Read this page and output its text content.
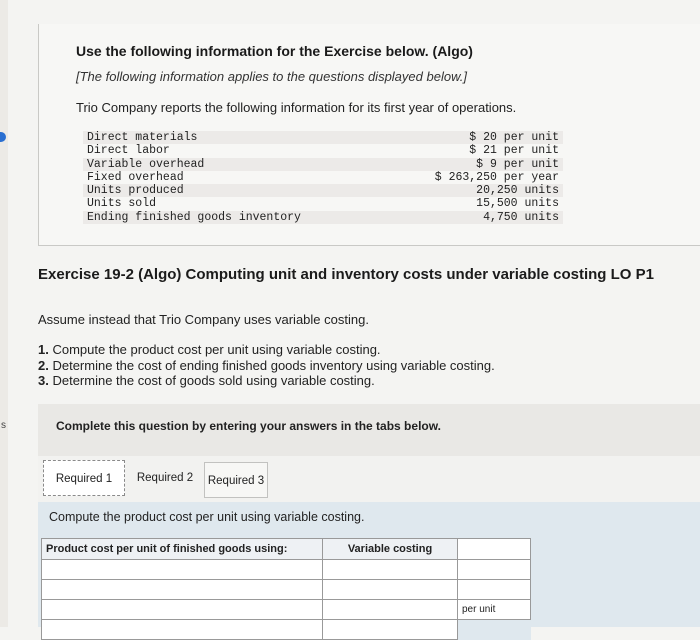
s
Use the following information for the Exercise below. (Algo)
[The following information applies to the questions displayed below.]
Trio Company reports the following information for its first year of operations.
Direct materials	$ 20 per unit
Direct labor	$ 21 per unit
Variable overhead	$ 9 per unit
Fixed overhead	$ 263,250 per year
Units produced	20,250 units
Units sold	15,500 units
Ending finished goods inventory	4,750 units
Exercise 19-2 (Algo) Computing unit and inventory costs under variable costing LO P1
Assume instead that Trio Company uses variable costing.
1. Compute the product cost per unit using variable costing.
2. Determine the cost of ending finished goods inventory using variable costing.
3. Determine the cost of goods sold using variable costing.
Complete this question by entering your answers in the tabs below.
Required 1	Required 2	Required 3
Compute the product cost per unit using variable costing.
Product cost per unit of finished goods using:	Variable costing	

		per unit
